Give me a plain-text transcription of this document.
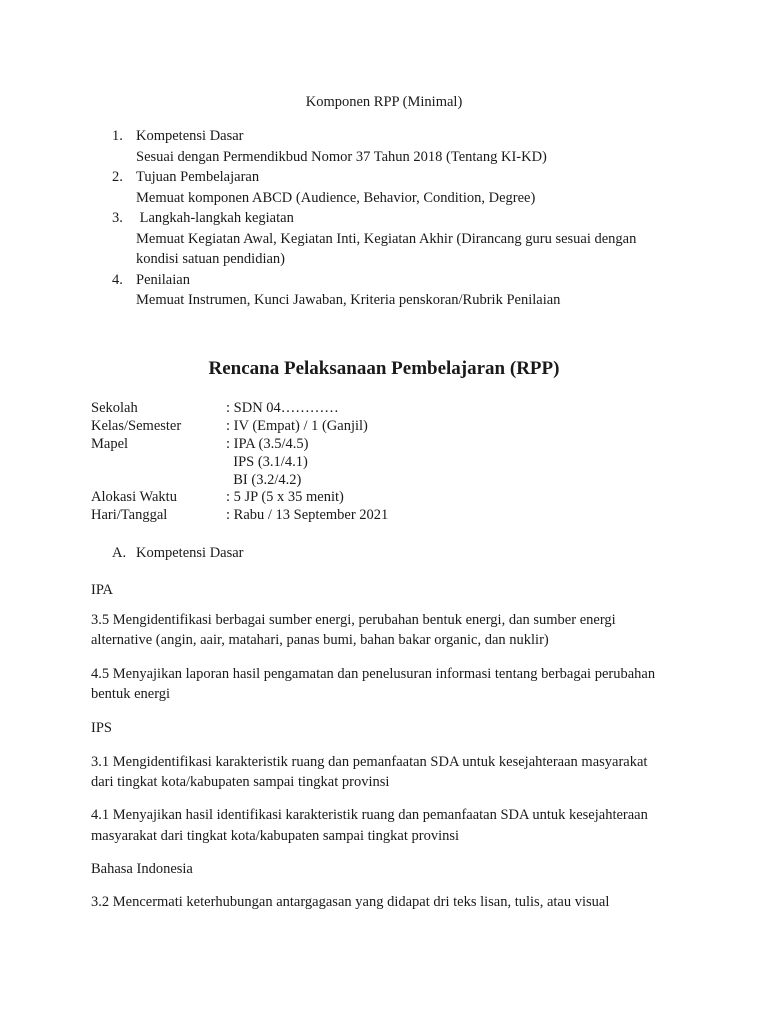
Komponen RPP (Minimal)
1. Kompetensi Dasar
Sesuai dengan Permendikbud Nomor 37 Tahun 2018 (Tentang KI-KD)
2. Tujuan Pembelajaran
Memuat komponen ABCD (Audience, Behavior, Condition, Degree)
3. Langkah-langkah kegiatan
Memuat Kegiatan Awal, Kegiatan Inti, Kegiatan Akhir (Dirancang guru sesuai dengan
kondisi satuan pendidian)
4. Penilaian
Memuat Instrumen, Kunci Jawaban, Kriteria penskoran/Rubrik Penilaian
Rencana Pelaksanaan Pembelajaran (RPP)
Sekolah	: SDN 04…………
Kelas/Semester	: IV (Empat) / 1 (Ganjil)
Mapel	: IPA (3.5/4.5)
IPS (3.1/4.1)
BI (3.2/4.2)
Alokasi Waktu	: 5 JP (5 x 35 menit)
Hari/Tanggal	: Rabu / 13 September 2021
A. Kompetensi Dasar
IPA
3.5 Mengidentifikasi berbagai sumber energi, perubahan bentuk energi, dan sumber energi
alternative (angin, aair, matahari, panas bumi, bahan bakar organic, dan nuklir)
4.5 Menyajikan laporan hasil pengamatan dan penelusuran informasi tentang berbagai perubahan
bentuk energi
IPS
3.1 Mengidentifikasi karakteristik ruang dan pemanfaatan SDA untuk kesejahteraan masyarakat
dari tingkat kota/kabupaten sampai tingkat provinsi
4.1 Menyajikan hasil identifikasi karakteristik ruang dan pemanfaatan SDA untuk kesejahteraan
masyarakat dari tingkat kota/kabupaten sampai tingkat provinsi
Bahasa Indonesia
3.2 Mencermati keterhubungan antargagasan yang didapat dri teks lisan, tulis, atau visual
